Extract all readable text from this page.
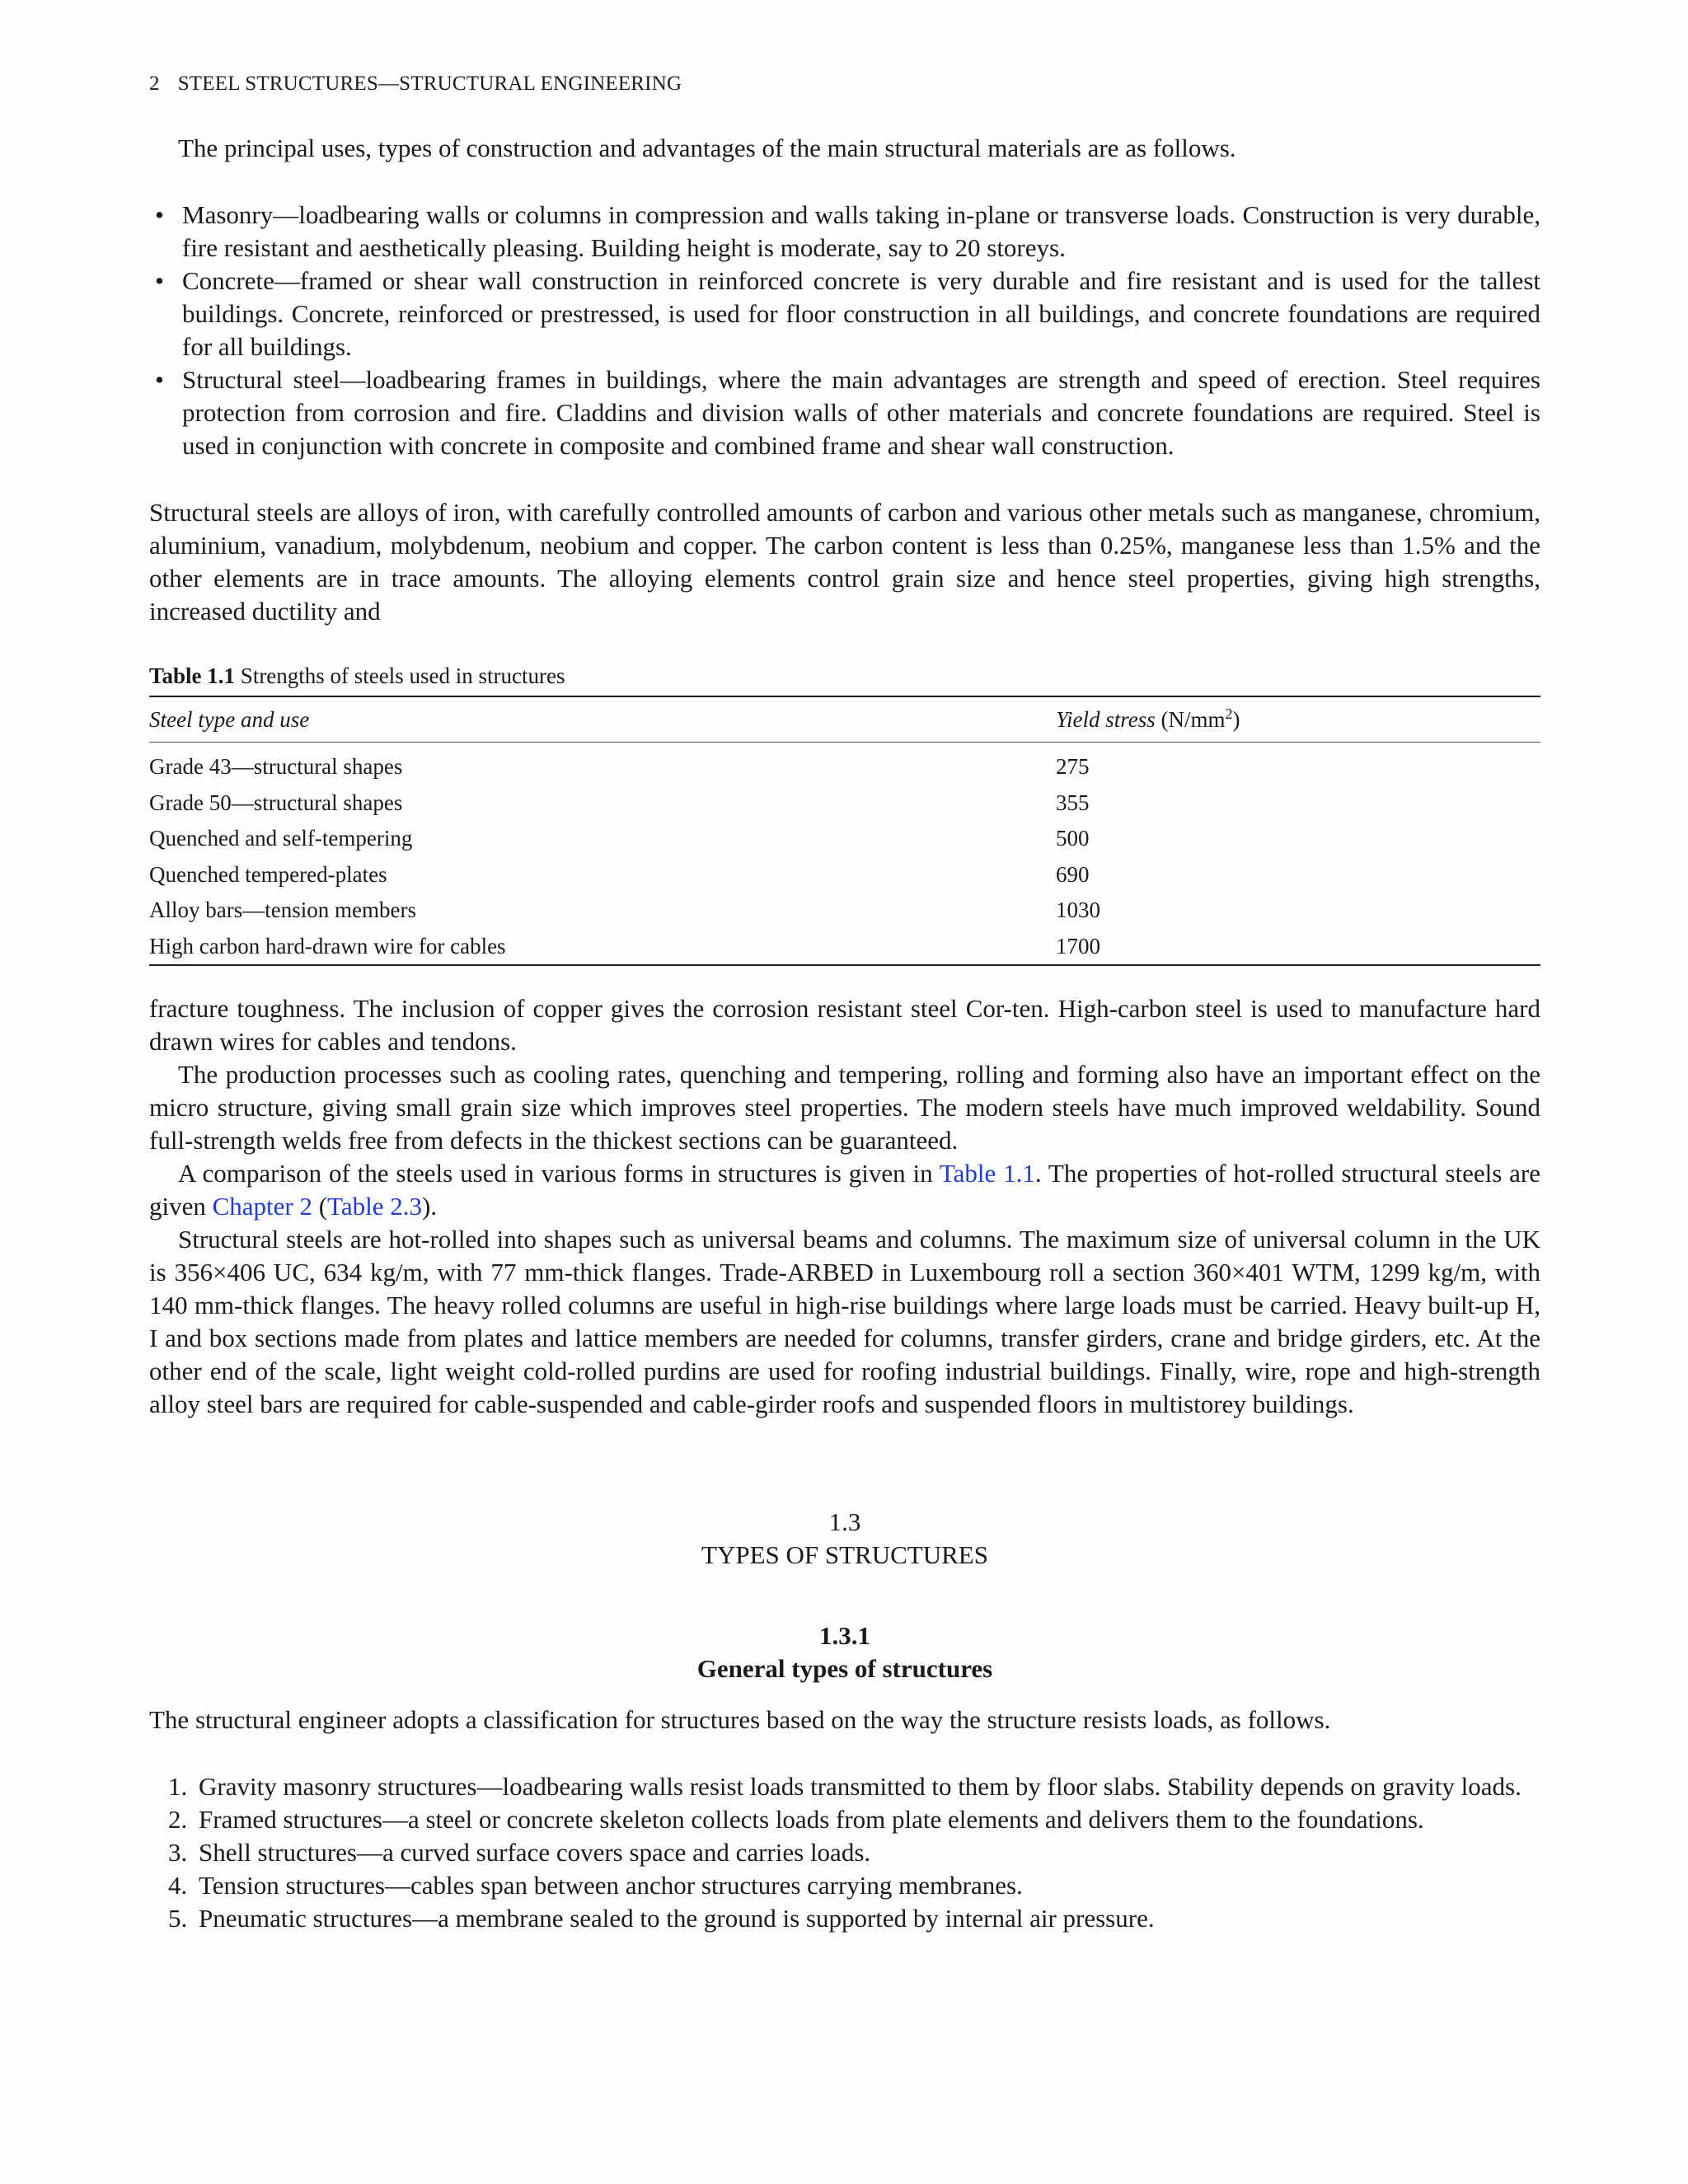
2 STEEL STRUCTURES—STRUCTURAL ENGINEERING

The principal uses, types of construction and advantages of the main structural materials are as follows.

• Masonry—loadbearing walls or columns in compression and walls taking in-plane or transverse loads. Construction is very durable, fire resistant and aesthetically pleasing. Building height is moderate, say to 20 storeys.
• Concrete—framed or shear wall construction in reinforced concrete is very durable and fire resistant and is used for the tallest buildings. Concrete, reinforced or prestressed, is used for floor construction in all buildings, and concrete foundations are required for all buildings.
• Structural steel—loadbearing frames in buildings, where the main advantages are strength and speed of erection. Steel requires protection from corrosion and fire. Claddins and division walls of other materials and concrete foundations are required. Steel is used in conjunction with concrete in composite and combined frame and shear wall construction.

Structural steels are alloys of iron, with carefully controlled amounts of carbon and various other metals such as manganese, chromium, aluminium, vanadium, molybdenum, neobium and copper. The carbon content is less than 0.25%, manganese less than 1.5% and the other elements are in trace amounts. The alloying elements control grain size and hence steel properties, giving high strengths, increased ductility and

Table 1.1 Strengths of steels used in structures
Steel type and use	Yield stress $(N/mm^2)$
Grade 43—structural shapes	275
Grade 50—structural shapes	355
Quenched and self-tempering	500
Quenched tempered-plates	690
Alloy bars—tension members	1030
High carbon hard-drawn wire for cables	1700

fracture toughness. The inclusion of copper gives the corrosion resistant steel Cor-ten. High-carbon steel is used to manufacture hard drawn wires for cables and tendons.

The production processes such as cooling rates, quenching and tempering, rolling and forming also have an important effect on the micro structure, giving small grain size which improves steel properties. The modern steels have much improved weldability. Sound full-strength welds free from defects in the thickest sections can be guaranteed.

A comparison of the steels used in various forms in structures is given in Table 1.1. The properties of hot-rolled structural steels are given Chapter 2 (Table 2.3).

Structural steels are hot-rolled into shapes such as universal beams and columns. The maximum size of universal column in the UK is 356×406 UC, 634 kg/m, with 77 mm-thick flanges. Trade-ARBED in Luxembourg roll a section 360×401 WTM, 1299 kg/m, with 140 mm-thick flanges. The heavy rolled columns are useful in high-rise buildings where large loads must be carried. Heavy built-up H, I and box sections made from plates and lattice members are needed for columns, transfer girders, crane and bridge girders, etc. At the other end of the scale, light weight cold-rolled purdins are used for roofing industrial buildings. Finally, wire, rope and high-strength alloy steel bars are required for cable-suspended and cable-girder roofs and suspended floors in multistorey buildings.

1.3
TYPES OF STRUCTURES
1.3.1
General types of structures

The structural engineer adopts a classification for structures based on the way the structure resists loads, as follows.

1. Gravity masonry structures—loadbearing walls resist loads transmitted to them by floor slabs. Stability depends on gravity loads.
2. Framed structures—a steel or concrete skeleton collects loads from plate elements and delivers them to the foundations.
3. Shell structures—a curved surface covers space and carries loads.
4. Tension structures—cables span between anchor structures carrying membranes.
5. Pneumatic structures—a membrane sealed to the ground is supported by internal air pressure.
